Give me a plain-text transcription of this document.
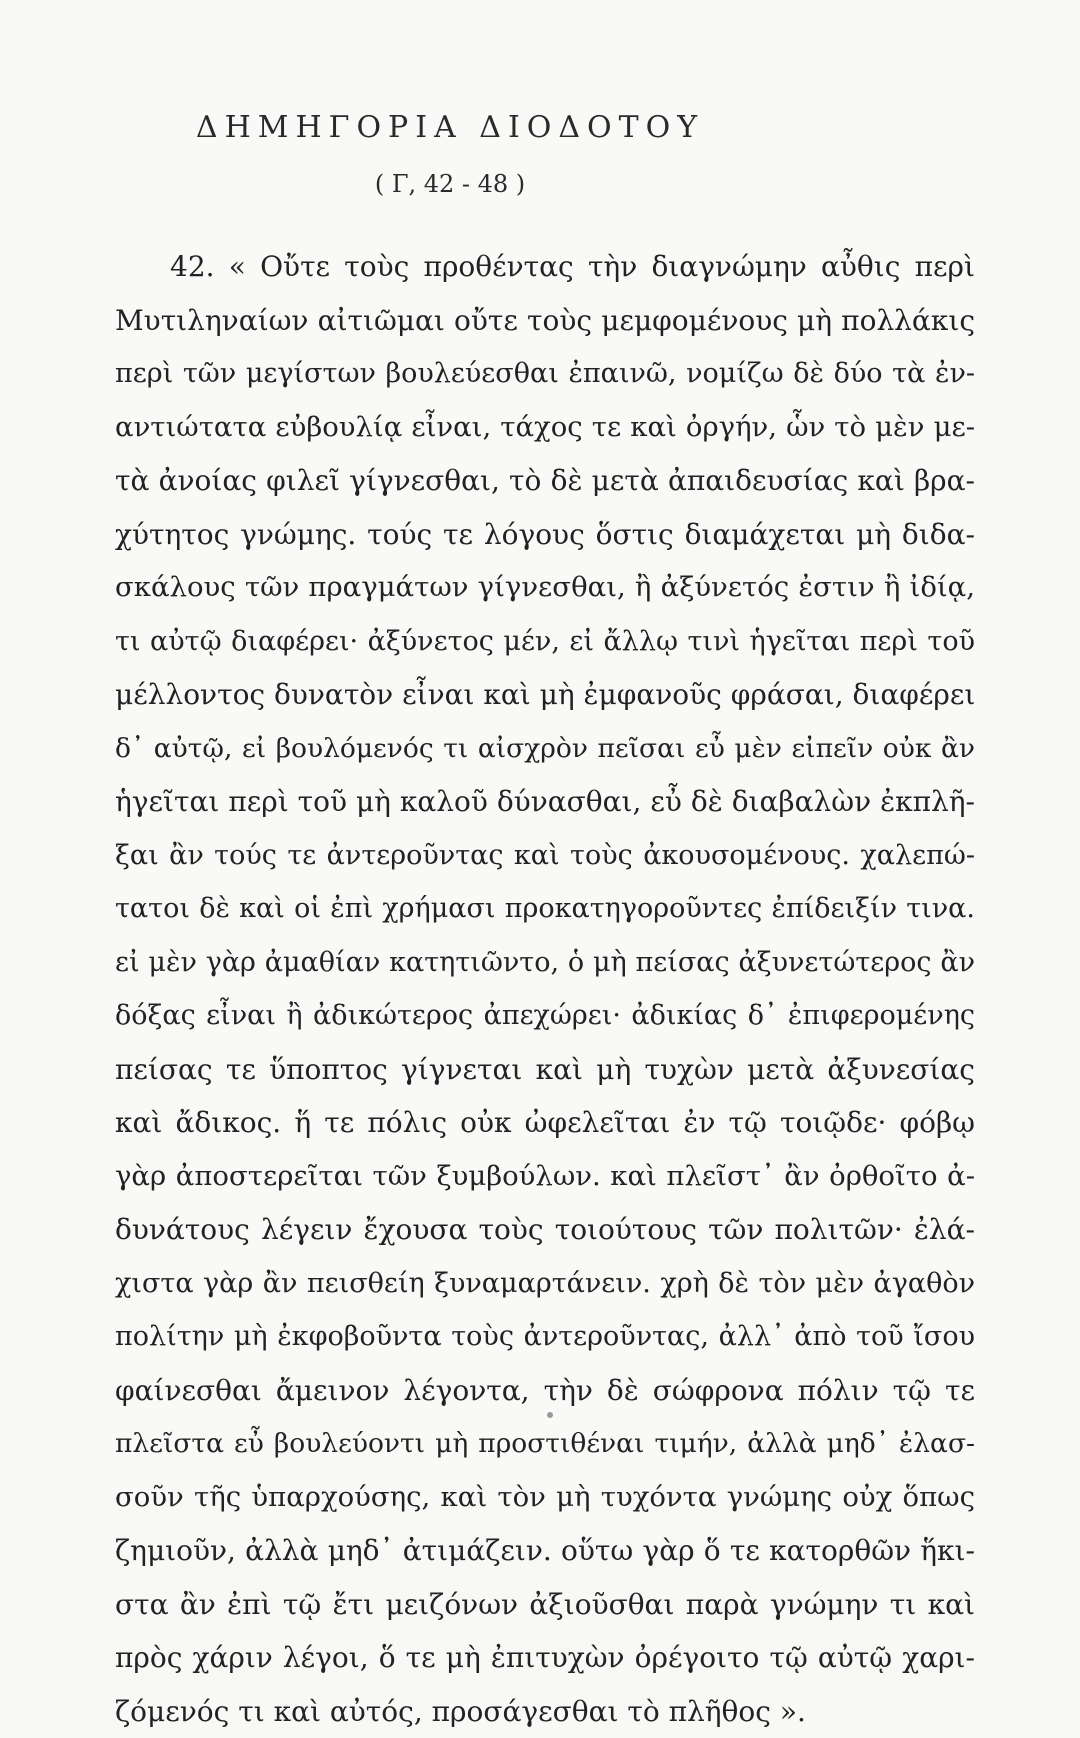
ΔΗΜΗΓΟΡΙΑ ΔΙΟΔΟΤΟΥ
( Γ, 42 - 48 )
42. « Οὔτε τοὺς προθέντας τὴν διαγνώμην αὖθις περὶ
Μυτιληναίων αἰτιῶμαι οὔτε τοὺς μεμφομένους μὴ πολλάκις
περὶ τῶν μεγίστων βουλεύεσθαι ἐπαινῶ, νομίζω δὲ δύο τὰ ἐν-
αντιώτατα εὐβουλίᾳ εἶναι, τάχος τε καὶ ὀργήν, ὧν τὸ μὲν με-
τὰ ἀνοίας φιλεῖ γίγνεσθαι, τὸ δὲ μετὰ ἀπαιδευσίας καὶ βρα-
χύτητος γνώμης. τούς τε λόγους ὅστις διαμάχεται μὴ διδα-
σκάλους τῶν πραγμάτων γίγνεσθαι, ἢ ἀξύνετός ἐστιν ἢ ἰδίᾳ,
τι αὐτῷ διαφέρει· ἀξύνετος μέν, εἰ ἄλλῳ τινὶ ἡγεῖται περὶ τοῦ
μέλλοντος δυνατὸν εἶναι καὶ μὴ ἐμφανοῦς φράσαι, διαφέρει
δ᾽ αὐτῷ, εἰ βουλόμενός τι αἰσχρὸν πεῖσαι εὖ μὲν εἰπεῖν οὐκ ἂν
ἡγεῖται περὶ τοῦ μὴ καλοῦ δύνασθαι, εὖ δὲ διαβαλὼν ἐκπλῆ-
ξαι ἂν τούς τε ἀντεροῦντας καὶ τοὺς ἀκουσομένους. χαλεπώ-
τατοι δὲ καὶ οἱ ἐπὶ χρήμασι προκατηγοροῦντες ἐπίδειξίν τινα.
εἰ μὲν γὰρ ἀμαθίαν κατητιῶντο, ὁ μὴ πείσας ἀξυνετώτερος ἂν
δόξας εἶναι ἢ ἀδικώτερος ἀπεχώρει· ἀδικίας δ᾽ ἐπιφερομένης
πείσας τε ὕποπτος γίγνεται καὶ μὴ τυχὼν μετὰ ἀξυνεσίας
καὶ ἄδικος. ἥ τε πόλις οὐκ ὠφελεῖται ἐν τῷ τοιῷδε· φόβῳ
γὰρ ἀποστερεῖται τῶν ξυμβούλων. καὶ πλεῖστ᾽ ἂν ὀρθοῖτο ἀ-
δυνάτους λέγειν ἔχουσα τοὺς τοιούτους τῶν πολιτῶν· ἐλά-
χιστα γὰρ ἂν πεισθείη ξυναμαρτάνειν. χρὴ δὲ τὸν μὲν ἀγαθὸν
πολίτην μὴ ἐκφοβοῦντα τοὺς ἀντεροῦντας, ἀλλ᾽ ἀπὸ τοῦ ἴσου
φαίνεσθαι ἄμεινον λέγοντα, τὴν δὲ σώφρονα πόλιν τῷ τε
πλεῖστα εὖ βουλεύοντι μὴ προστιθέναι τιμήν, ἀλλὰ μηδ᾽ ἐλασ-
σοῦν τῆς ὑπαρχούσης, καὶ τὸν μὴ τυχόντα γνώμης οὐχ ὅπως
ζημιοῦν, ἀλλὰ μηδ᾽ ἀτιμάζειν. οὕτω γὰρ ὅ τε κατορθῶν ἥκι-
στα ἂν ἐπὶ τῷ ἔτι μειζόνων ἀξιοῦσθαι παρὰ γνώμην τι καὶ
πρὸς χάριν λέγοι, ὅ τε μὴ ἐπιτυχὼν ὀρέγοιτο τῷ αὐτῷ χαρι-
ζόμενός τι καὶ αὐτός, προσάγεσθαι τὸ πλῆθος ».
